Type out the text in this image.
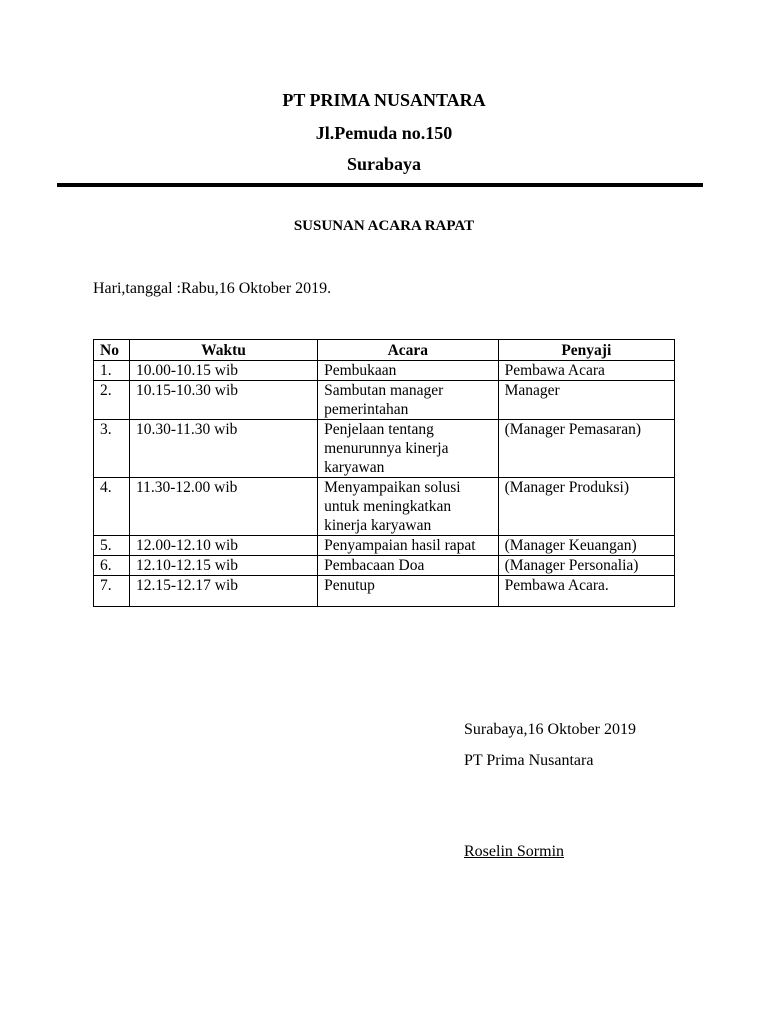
PT PRIMA NUSANTARA
Jl.Pemuda no.150
Surabaya
SUSUNAN ACARA RAPAT
Hari,tanggal :Rabu,16 Oktober 2019.
No	Waktu	Acara	Penyaji
1.	10.00-10.15 wib	Pembukaan	Pembawa Acara
2.	10.15-10.30 wib	Sambutan manager pemerintahan	Manager
3.	10.30-11.30 wib	Penjelaan tentang menurunnya kinerja karyawan	(Manager Pemasaran)
4.	11.30-12.00 wib	Menyampaikan solusi untuk meningkatkan kinerja karyawan	(Manager Produksi)
5.	12.00-12.10 wib	Penyampaian hasil rapat	(Manager Keuangan)
6.	12.10-12.15 wib	Pembacaan Doa	(Manager Personalia)
7.	12.15-12.17 wib	Penutup	Pembawa Acara.
Surabaya,16 Oktober 2019
PT Prima Nusantara
Roselin Sormin
